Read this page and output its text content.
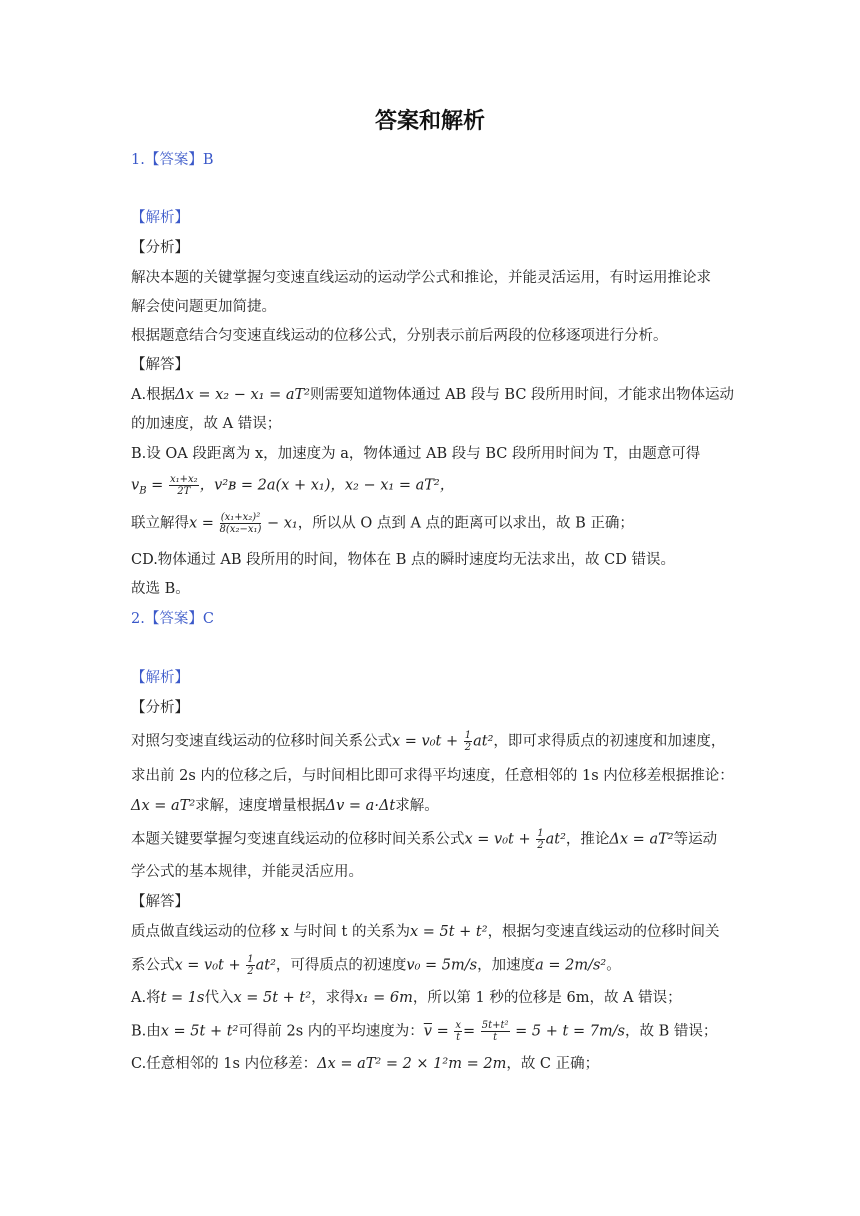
答案和解析
1.【答案】B
【解析】
【分析】
解决本题的关键掌握匀变速直线运动的运动学公式和推论，并能灵活运用，有时运用推论求
解会使问题更加简捷。
根据题意结合匀变速直线运动的位移公式，分别表示前后两段的位移逐项进行分析。
【解答】
A.根据Δx = x₂ − x₁ = aT²则需要知道物体通过 AB 段与 BC 段所用时间，才能求出物体运动
的加速度，故 A 错误；
B.设 OA 段距离为 x，加速度为 a，物体通过 AB 段与 BC 段所用时间为 T，由题意可得
$v_B = \frac{\text{x₁+x₂}}{2T}$ ，v²ʙ = 2a(x + x₁)，x₂ − x₁ = aT²，
联立解得$x = \frac{\text{(x₁+x₂)²}}{\text{8(x₂−x₁)}} - x_1$，所以从 O 点到 A 点的距离可以求出，故 B 正确；
CD.物体通过 AB 段所用的时间，物体在 B 点的瞬时速度均无法求出，故 CD 错误。
故选 B。
2.【答案】C
【解析】
【分析】
对照匀变速直线运动的位移时间关系公式$x = v_0t + \frac{1}{2} at^2$，即可求得质点的初速度和加速度，
求出前 2s 内的位移之后，与时间相比即可求得平均速度，任意相邻的 1s 内位移差根据推论：
Δx = aT²求解，速度增量根据Δv = a·Δt求解。
本题关键要掌握匀变速直线运动的位移时间关系公式$x = v_0t + \frac{1}{2} at^2$，推论Δx = aT²等运动
学公式的基本规律，并能灵活应用。
【解答】
质点做直线运动的位移 x 与时间 t 的关系为x = 5t + t²，根据匀变速直线运动的位移时间关
系公式$x = v_0t + \frac{1}{2} at^2$，可得质点的初速度v₀ = 5m/s，加速度a = 2m/s²。
A.将t = 1s代入x = 5t + t²，求得x₁ = 6m，所以第 1 秒的位移是 6m，故 A 错误；
B.由x = 5t + t²可得前 2s 内的平均速度为：$\overline{v} = \frac{x}{t} = \frac{\text{5t+t²}}{t} = 5 + t = 7m/s$，故 B 错误；
C.任意相邻的 1s 内位移差：Δx = aT² = 2 × 1²m = 2m，故 C 正确；
